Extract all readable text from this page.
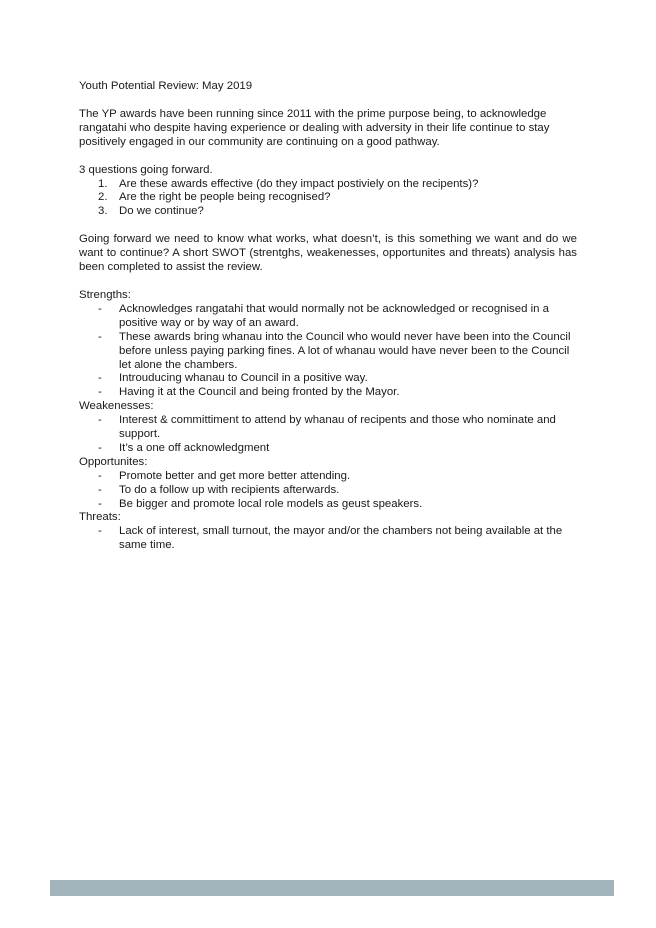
Youth Potential Review: May 2019

The YP awards have been running since 2011 with the prime purpose being, to acknowledge rangatahi who despite having experience or dealing with adversity in their life continue to stay positively engaged in our community are continuing on a good pathway.

3 questions going forward.

1. Are these awards effective (do they impact postiviely on the recipents)?
2. Are the right be people being recognised?
3. Do we continue?

Going forward we need to know what works, what doesn’t, is this something we want and do we want to continue? A short SWOT (strentghs, weakenesses, opportunites and threats) analysis has been completed to assist the review.

Strengths:

- Acknowledges rangatahi that would normally not be acknowledged or recognised in a positive way or by way of an award.
- These awards bring whanau into the Council who would never have been into the Council before unless paying parking fines. A lot of whanau would have never been to the Council let alone the chambers.
- Introuducing whanau to Council in a positive way.
- Having it at the Council and being fronted by the Mayor.

Weakenesses:

- Interest & committiment to attend by whanau of recipents and those who nominate and support.
- It’s a one off acknowledgment

Opportunites:

- Promote better and get more better attending.
- To do a follow up with recipients afterwards.
- Be bigger and promote local role models as geust speakers.

Threats:

- Lack of interest, small turnout, the mayor and/or the chambers not being available at the same time.
